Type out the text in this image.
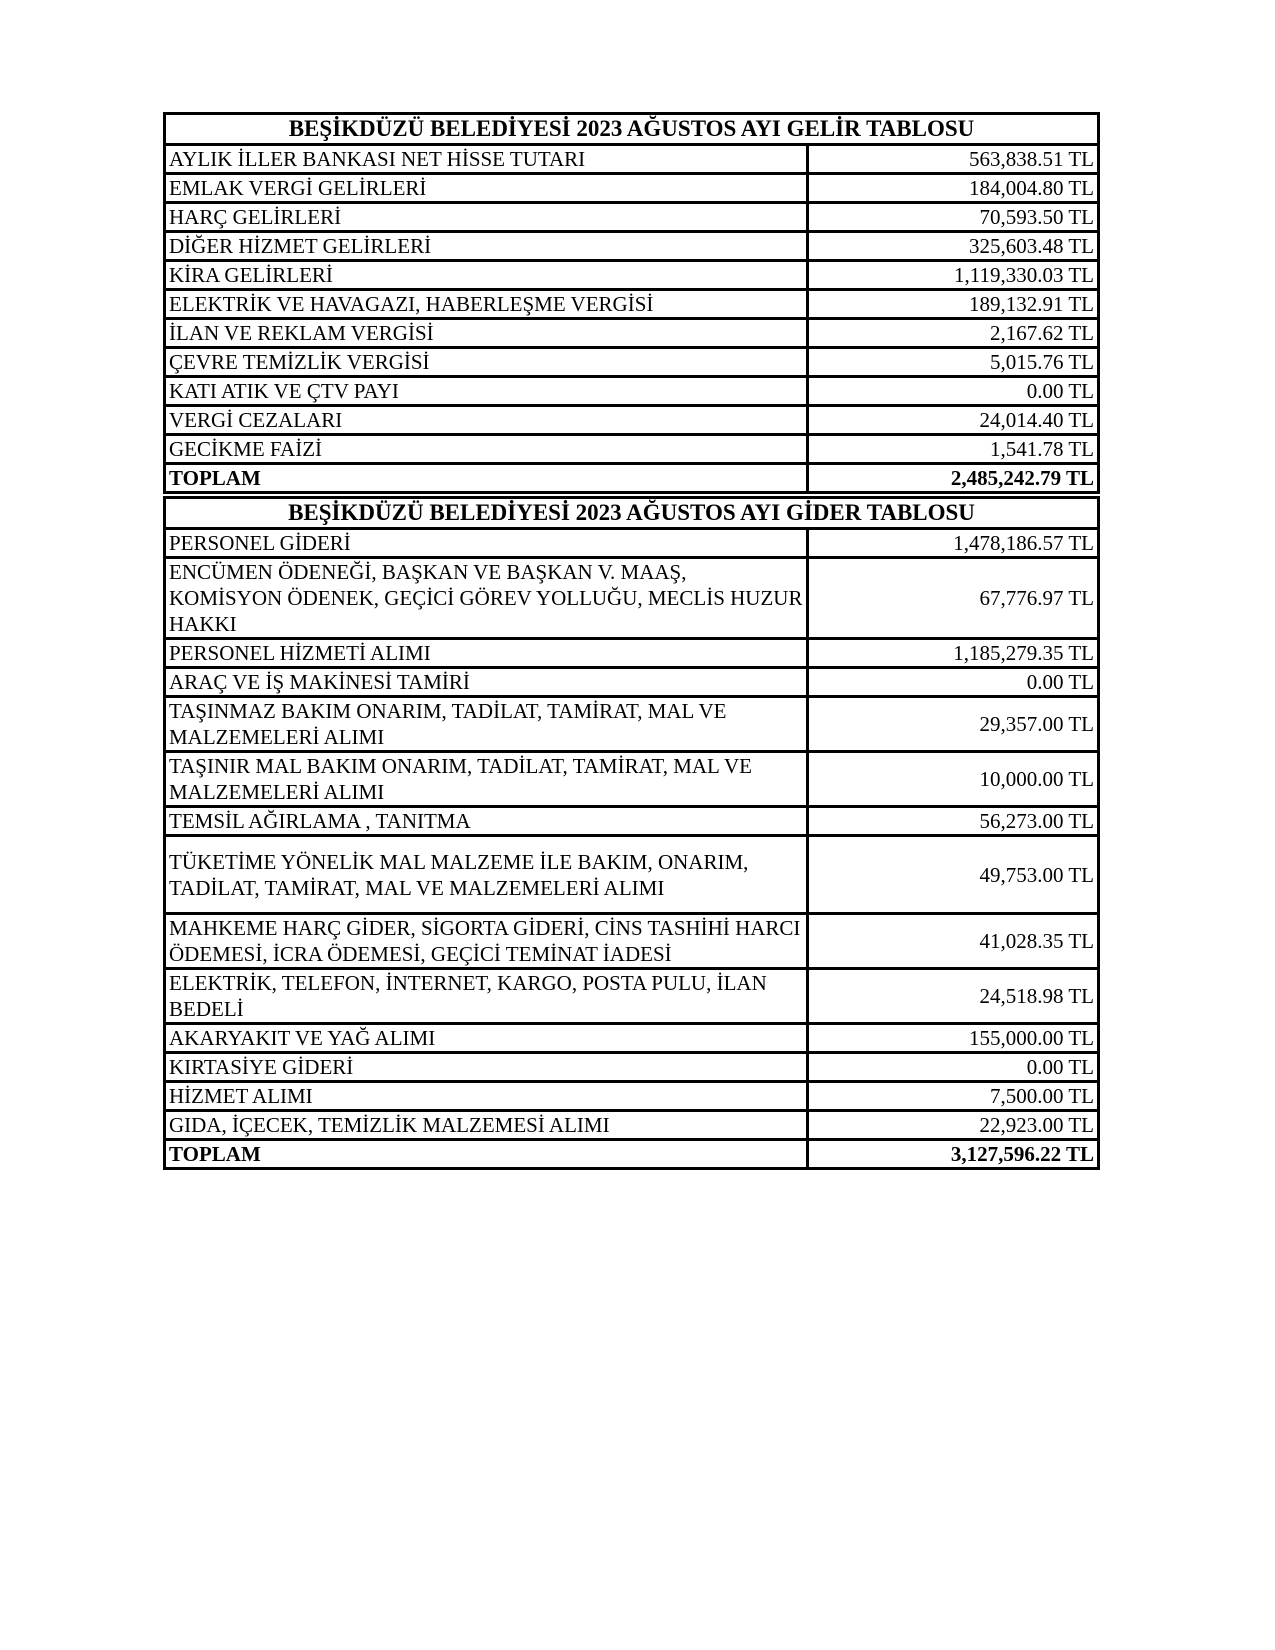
BEŞİKDÜZÜ BELEDİYESİ 2023 AĞUSTOS AYI GELİR TABLOSU	
AYLIK İLLER BANKASI NET HİSSE TUTARI	563,838.51 TL
EMLAK VERGİ GELİRLERİ	184,004.80 TL
HARÇ GELİRLERİ	70,593.50 TL
DİĞER HİZMET GELİRLERİ	325,603.48 TL
KİRA GELİRLERİ	1,119,330.03 TL
ELEKTRİK VE HAVAGAZI, HABERLEŞME VERGİSİ	189,132.91 TL
İLAN VE REKLAM VERGİSİ	2,167.62 TL
ÇEVRE TEMİZLİK VERGİSİ	5,015.76 TL
KATI ATIK VE ÇTV PAYI	0.00 TL
VERGİ CEZALARI	24,014.40 TL
GECİKME FAİZİ	1,541.78 TL
TOPLAM	2,485,242.79 TL
BEŞİKDÜZÜ BELEDİYESİ 2023 AĞUSTOS AYI GİDER TABLOSU	
PERSONEL GİDERİ	1,478,186.57 TL
ENCÜMEN ÖDENEĞİ, BAŞKAN VE BAŞKAN V. MAAŞ, KOMİSYON ÖDENEK, GEÇİCİ GÖREV YOLLUĞU, MECLİS HUZUR HAKKI	67,776.97 TL
PERSONEL HİZMETİ ALIMI	1,185,279.35 TL
ARAÇ VE İŞ MAKİNESİ TAMİRİ	0.00 TL
TAŞINMAZ BAKIM ONARIM, TADİLAT, TAMİRAT, MAL VE MALZEMELERİ ALIMI	29,357.00 TL
TAŞINIR MAL BAKIM ONARIM, TADİLAT, TAMİRAT, MAL VE MALZEMELERİ ALIMI	10,000.00 TL
TEMSİL AĞIRLAMA , TANITMA	56,273.00 TL
TÜKETİME YÖNELİK MAL MALZEME İLE BAKIM, ONARIM, TADİLAT, TAMİRAT, MAL VE MALZEMELERİ ALIMI	49,753.00 TL
MAHKEME HARÇ GİDER, SİGORTA GİDERİ, CİNS TASHİHİ HARCI ÖDEMESİ, İCRA ÖDEMESİ, GEÇİCİ TEMİNAT İADESİ	41,028.35 TL
ELEKTRİK, TELEFON, İNTERNET, KARGO, POSTA PULU, İLAN BEDELİ	24,518.98 TL
AKARYAKIT VE YAĞ ALIMI	155,000.00 TL
KIRTASİYE GİDERİ	0.00 TL
HİZMET ALIMI	7,500.00 TL
GIDA, İÇECEK, TEMİZLİK MALZEMESİ ALIMI	22,923.00 TL
TOPLAM	3,127,596.22 TL
